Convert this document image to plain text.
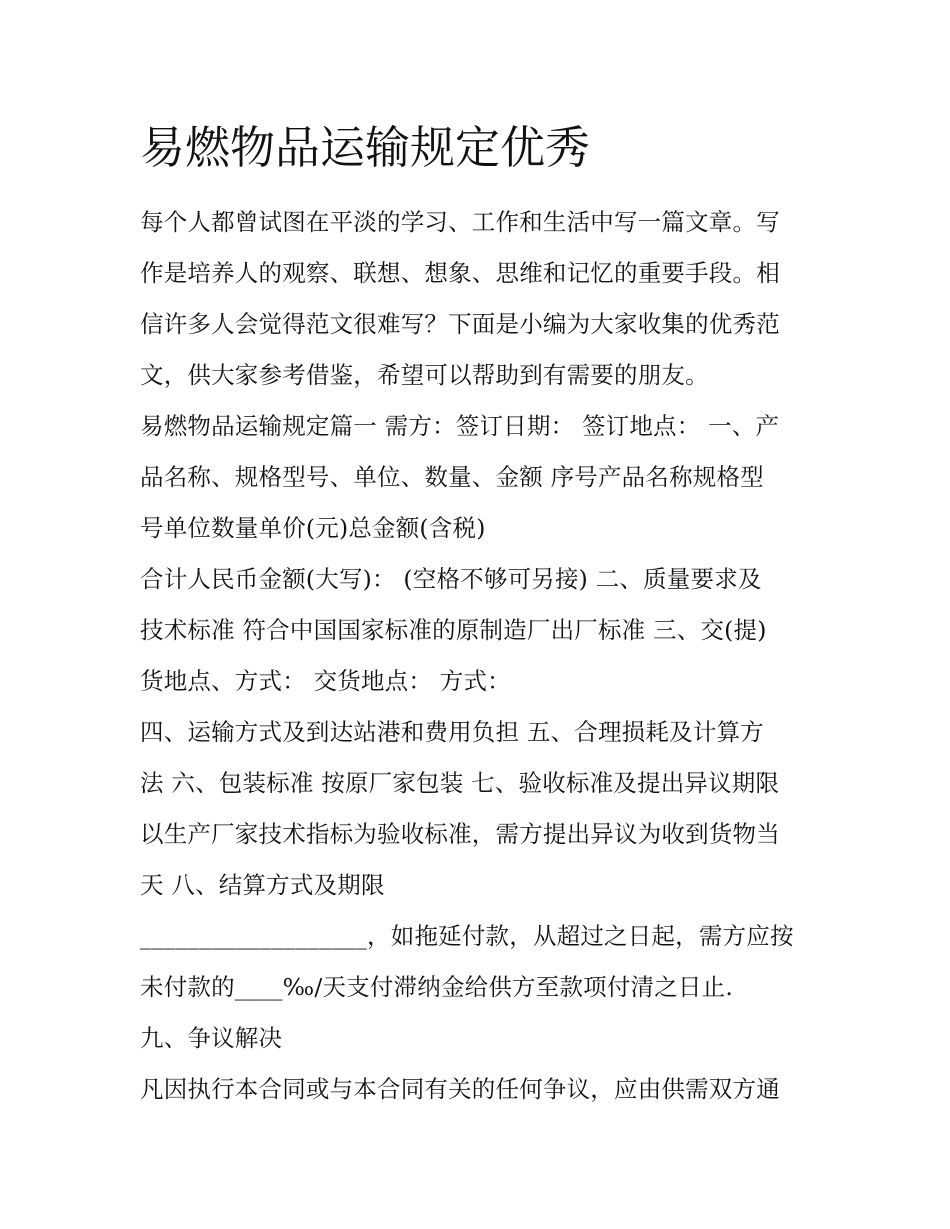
易燃物品运输规定优秀
每个人都曾试图在平淡的学习、工作和生活中写一篇文章。写
作是培养人的观察、联想、想象、思维和记忆的重要手段。相
信许多人会觉得范文很难写？下面是小编为大家收集的优秀范
文，供大家参考借鉴，希望可以帮助到有需要的朋友。
易燃物品运输规定篇一 需方：签订日期： 签订地点： 一、产
品名称、规格型号、单位、数量、金额 序号产品名称规格型
号单位数量单价(元)总金额(含税)
合计人民币金额(大写)： (空格不够可另接) 二、质量要求及
技术标准 符合中国国家标准的原制造厂出厂标准 三、交(提)
货地点、方式： 交货地点： 方式：
四、运输方式及到达站港和费用负担 五、合理损耗及计算方
法 六、包装标准 按原厂家包装 七、验收标准及提出异议期限
以生产厂家技术指标为验收标准，需方提出异议为收到货物当
天 八、结算方式及期限
___________________，如拖延付款，从超过之日起，需方应按
未付款的____‰/天支付滞纳金给供方至款项付清之日止.
九、争议解决
凡因执行本合同或与本合同有关的任何争议，应由供需双方通
